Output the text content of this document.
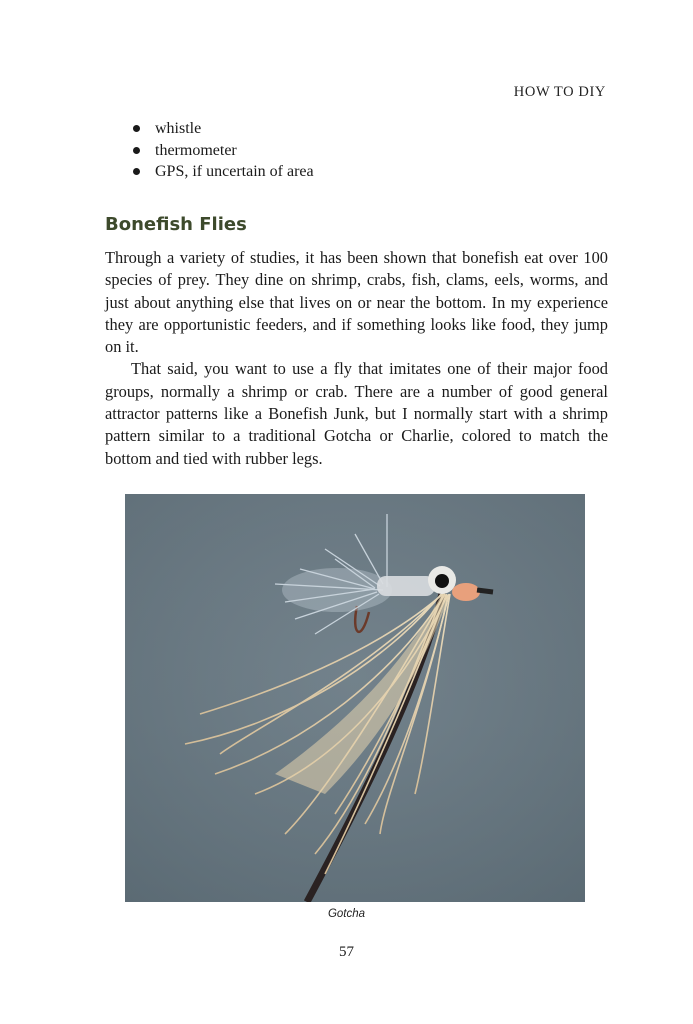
HOW TO DIY
whistle
thermometer
GPS, if uncertain of area
Bonefish Flies

Through a variety of studies, it has been shown that bonefish eat over 100 species of prey. They dine on shrimp, crabs, fish, clams, eels, worms, and just about anything else that lives on or near the bottom. In my experience they are opportunistic feeders, and if something looks like food, they jump on it.

That said, you want to use a fly that imitates one of their major food groups, normally a shrimp or crab. There are a number of good general attractor patterns like a Bonefish Junk, but I normally start with a shrimp pattern similar to a traditional Gotcha or Charlie, colored to match the bottom and tied with rubber legs.

Gotcha
57
